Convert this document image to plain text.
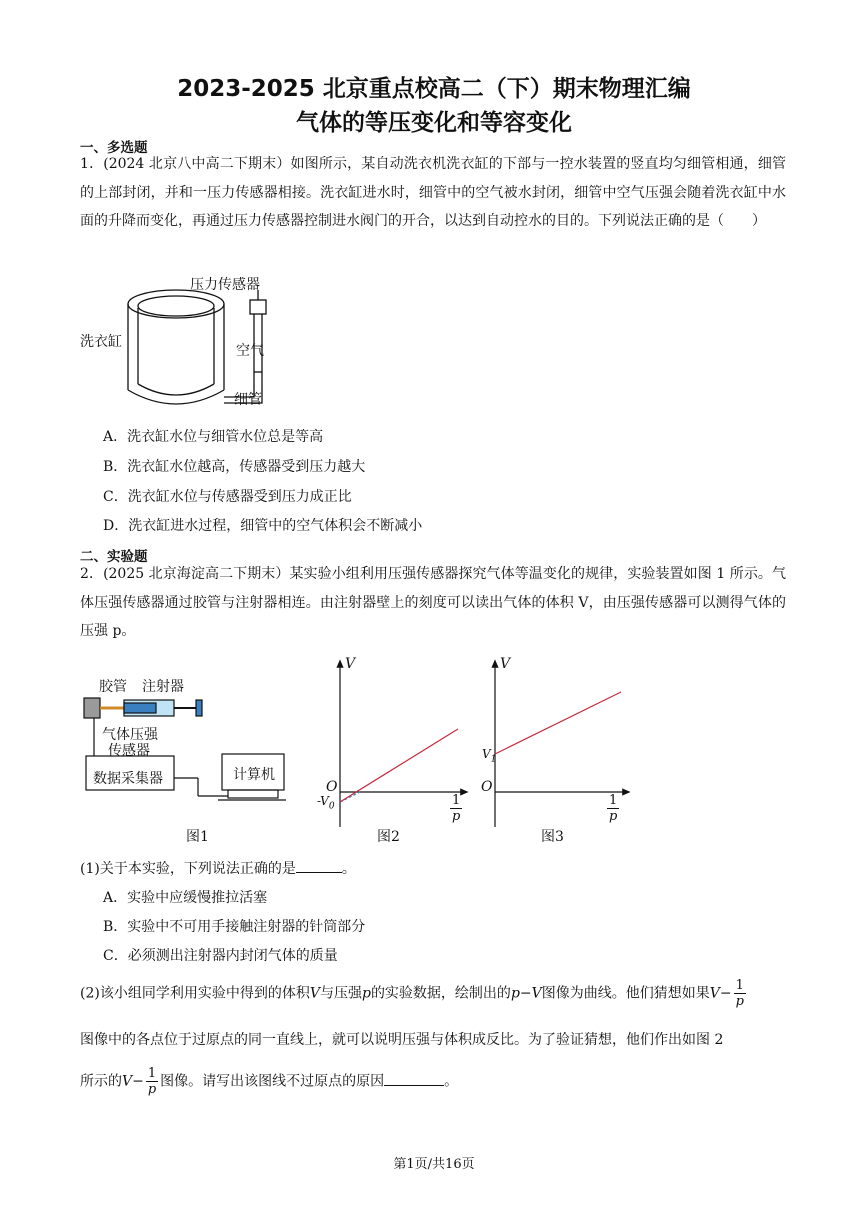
2023-2025 北京重点校高二（下）期末物理汇编
气体的等压变化和等容变化
一、多选题
1．(2024 北京八中高二下期末）如图所示，某自动洗衣机洗衣缸的下部与一控水装置的竖直均匀细管相通，细管的上部封闭，并和一压力传感器相接。洗衣缸进水时，细管中的空气被水封闭，细管中空气压强会随着洗衣缸中水面的升降而变化，再通过压力传感器控制进水阀门的开合，以达到自动控水的目的。下列说法正确的是（　　）
压力传感器
洗衣缸
空气
细管
A．洗衣缸水位与细管水位总是等高
B．洗衣缸水位越高，传感器受到压力越大
C．洗衣缸水位与传感器受到压力成正比
D．洗衣缸进水过程，细管中的空气体积会不断减小
二、实验题
2．(2025 北京海淀高二下期末）某实验小组利用压强传感器探究气体等温变化的规律，实验装置如图 1 所示。气体压强传感器通过胶管与注射器相连。由注射器壁上的刻度可以读出气体的体积 V，由压强传感器可以测得气体的压强 p。
胶管 注射器
气体压强
传感器
数据采集器	计算机
图1
V
O
$-V_0$	$\frac{1}{p}$
图2
V
O
$V_1$
$\frac{1}{p}$
图3
(1)关于本实验，下列说法正确的是	。
A．实验中应缓慢推拉活塞
B．实验中不可用手接触注射器的针筒部分
C．必须测出注射器内封闭气体的质量
(2)该小组同学利用实验中得到的体积V与压强p的实验数据，绘制出的p−V图像为曲线。他们猜想如果$V- \frac{1}{p}$
图像中的各点位于过原点的同一直线上，就可以说明压强与体积成反比。为了验证猜想，他们作出如图 2
所示的$V- \frac{1}{p}$ 图像。请写出该图线不过原点的原因	。
第1页/共16页
